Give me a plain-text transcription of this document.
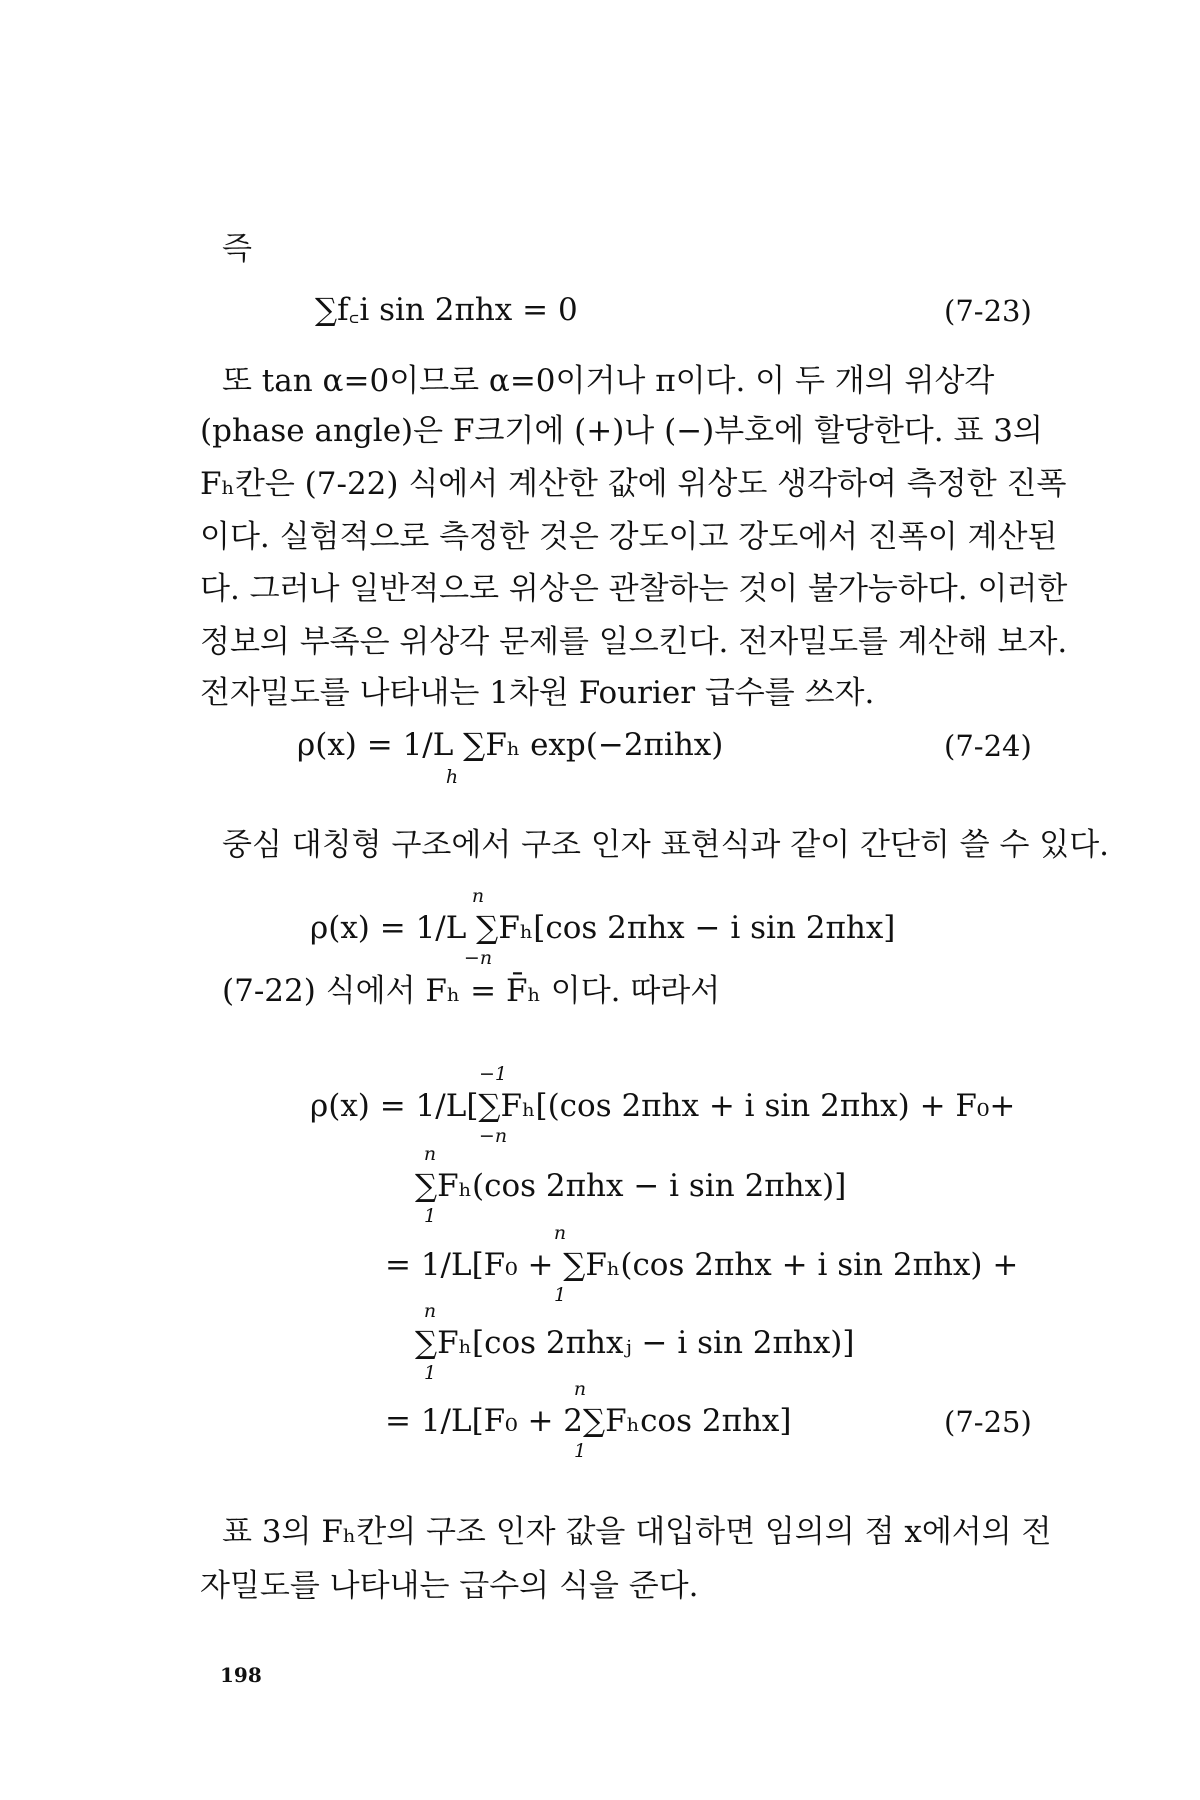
즉
∑f꜀i sin 2πhx = 0	(7-23)
또 tan α=0이므로 α=0이거나 π이다. 이 두 개의 위상각
(phase angle)은 F크기에 (+)나 (−)부호에 할당한다. 표 3의
Fₕ칸은 (7-22) 식에서 계산한 값에 위상도 생각하여 측정한 진폭
이다. 실험적으로 측정한 것은 강도이고 강도에서 진폭이 계산된
다. 그러나 일반적으로 위상은 관찰하는 것이 불가능하다. 이러한
정보의 부족은 위상각 문제를 일으킨다. 전자밀도를 계산해 보자.
전자밀도를 나타내는 1차원 Fourier 급수를 쓰자.
ρ(x) = 1/L ∑Fₕ exp(−2πihx)
h
(7-24)
중심 대칭형 구조에서 구조 인자 표현식과 같이 간단히 쓸 수 있다.
n
ρ(x) = 1/L ∑Fₕ[cos 2πhx − i sin 2πhx]
−n
(7-22) 식에서 Fₕ = F̄ₕ 이다. 따라서
−1
ρ(x) = 1/L[∑Fₕ[(cos 2πhx + i sin 2πhx) + F₀+
−n
n
∑Fₕ(cos 2πhx − i sin 2πhx)]
1
n
= 1/L[F₀ + ∑Fₕ(cos 2πhx + i sin 2πhx) +
1
n
∑Fₕ[cos 2πhxⱼ − i sin 2πhx)]
1
n
= 1/L[F₀ + 2∑Fₕcos 2πhx]
1
(7-25)
표 3의 Fₕ칸의 구조 인자 값을 대입하면 임의의 점 x에서의 전
자밀도를 나타내는 급수의 식을 준다.
198
